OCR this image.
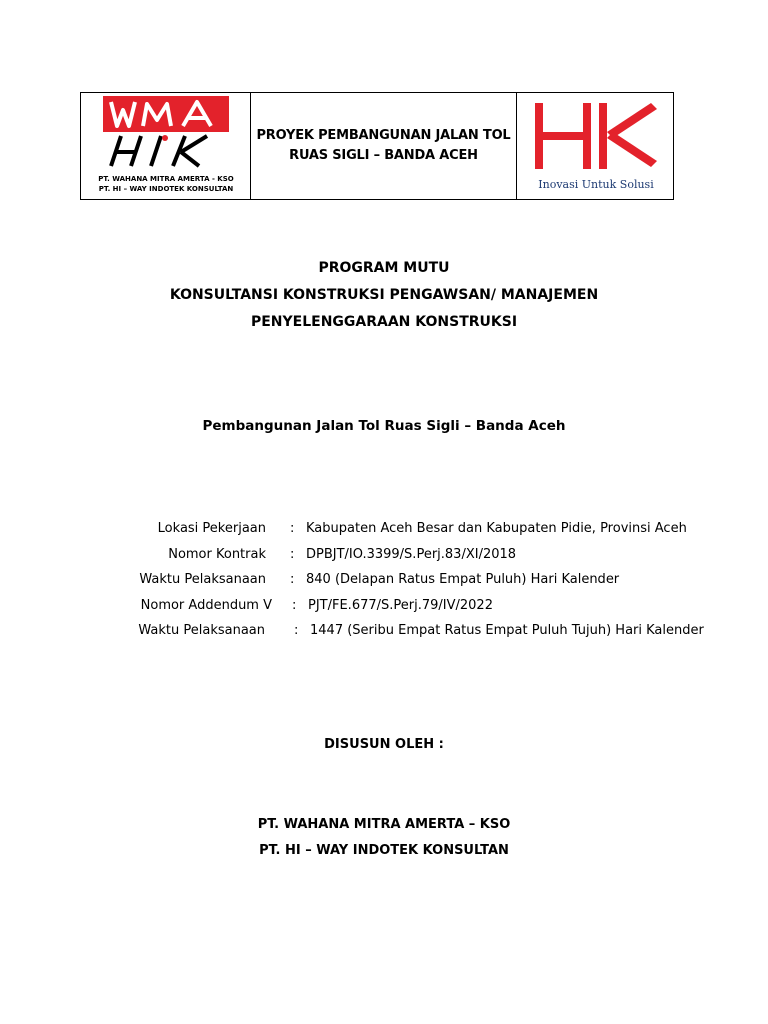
PT. WAHANA MITRA AMERTA - KSO
PT. HI – WAY INDOTEK KONSULTAN
PROYEK PEMBANGUNAN JALAN TOL
RUAS SIGLI – BANDA ACEH
Inovasi Untuk Solusi
PROGRAM MUTU
KONSULTANSI KONSTRUKSI PENGAWSAN/ MANAJEMEN
PENYELENGGARAAN KONSTRUKSI
Pembangunan Jalan Tol Ruas Sigli – Banda Aceh
Lokasi Pekerjaan : Kabupaten Aceh Besar dan Kabupaten Pidie, Provinsi Aceh
Nomor Kontrak : DPBJT/IO.3399/S.Perj.83/XI/2018
Waktu Pelaksanaan : 840 (Delapan Ratus Empat Puluh) Hari Kalender
Nomor Addendum V : PJT/FE.677/S.Perj.79/IV/2022
Waktu Pelaksanaan : 1447 (Seribu Empat Ratus Empat Puluh Tujuh) Hari Kalender
DISUSUN OLEH :
PT. WAHANA MITRA AMERTA – KSO
PT. HI – WAY INDOTEK KONSULTAN
